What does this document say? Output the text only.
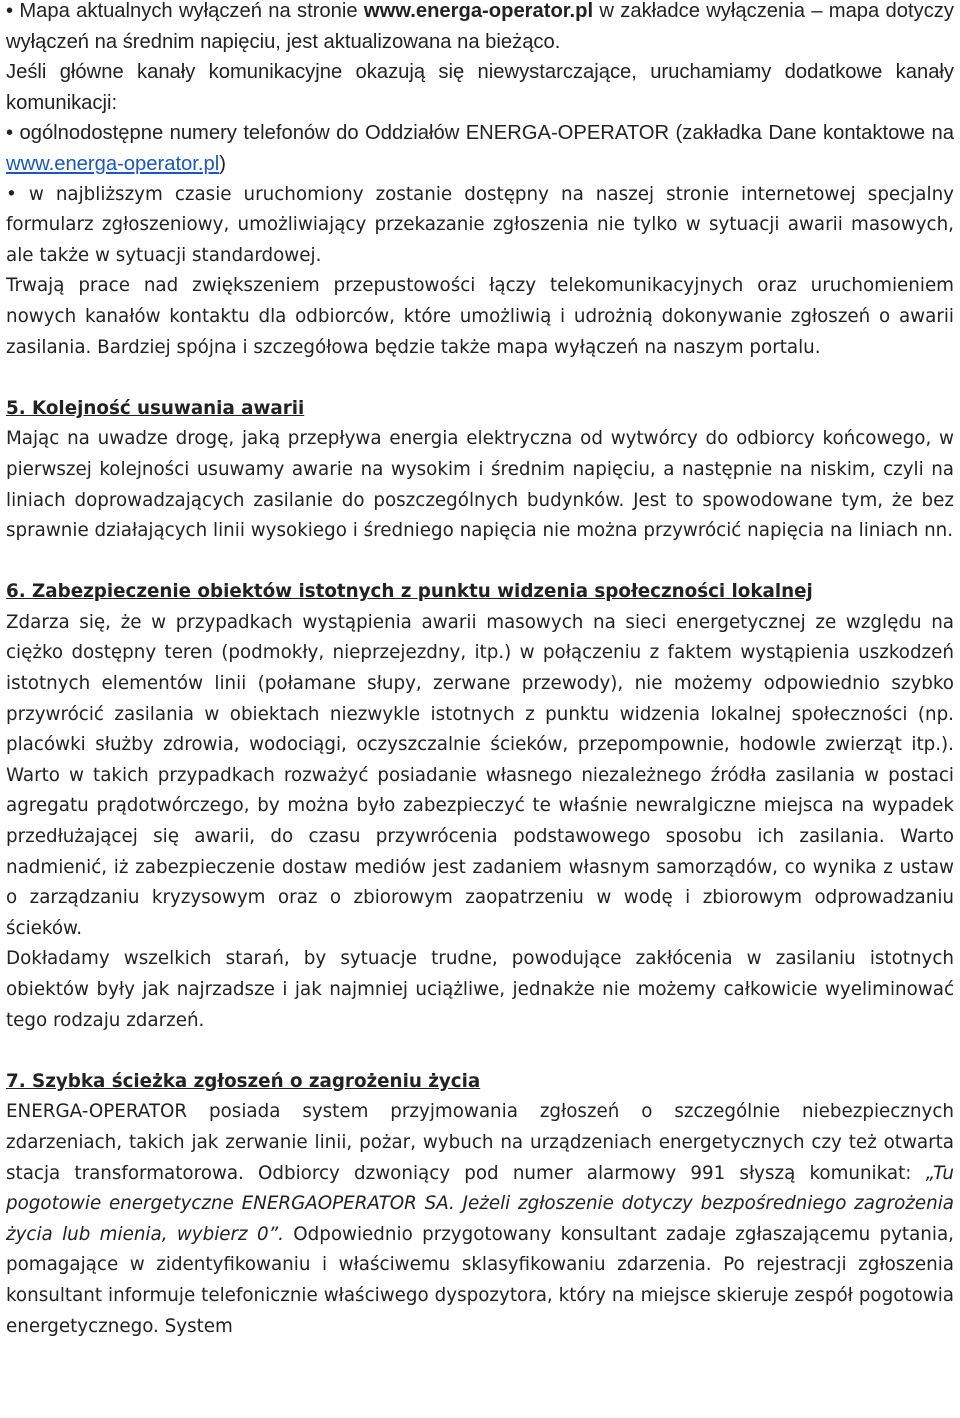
• Mapa aktualnych wyłączeń na stronie www.energa-operator.pl w zakładce wyłączenia – mapa dotyczy wyłączeń na średnim napięciu, jest aktualizowana na bieżąco.

Jeśli główne kanały komunikacyjne okazują się niewystarczające, uruchamiamy dodatkowe kanały komunikacji:

• ogólnodostępne numery telefonów do Oddziałów ENERGA-OPERATOR (zakładka Dane kontaktowe na www.energa-operator.pl)

• w najbliższym czasie uruchomiony zostanie dostępny na naszej stronie internetowej specjalny formularz zgłoszeniowy, umożliwiający przekazanie zgłoszenia nie tylko w sytuacji awarii masowych, ale także w sytuacji standardowej.

Trwają prace nad zwiększeniem przepustowości łączy telekomunikacyjnych oraz uruchomieniem nowych kanałów kontaktu dla odbiorców, które umożliwią i udrożnią dokonywanie zgłoszeń o awarii zasilania. Bardziej spójna i szczegółowa będzie także mapa wyłączeń na naszym portalu.

5. Kolejność usuwania awarii

Mając na uwadze drogę, jaką przepływa energia elektryczna od wytwórcy do odbiorcy końcowego, w pierwszej kolejności usuwamy awarie na wysokim i średnim napięciu, a następnie na niskim, czyli na liniach doprowadzających zasilanie do poszczególnych budynków. Jest to spowodowane tym, że bez sprawnie działających linii wysokiego i średniego napięcia nie można przywrócić napięcia na liniach nn.

6. Zabezpieczenie obiektów istotnych z punktu widzenia społeczności lokalnej

Zdarza się, że w przypadkach wystąpienia awarii masowych na sieci energetycznej ze względu na ciężko dostępny teren (podmokły, nieprzejezdny, itp.) w połączeniu z faktem wystąpienia uszkodzeń istotnych elementów linii (połamane słupy, zerwane przewody), nie możemy odpowiednio szybko przywrócić zasilania w obiektach niezwykle istotnych z punktu widzenia lokalnej społeczności (np. placówki służby zdrowia, wodociągi, oczyszczalnie ścieków, przepompownie, hodowle zwierząt itp.). Warto w takich przypadkach rozważyć posiadanie własnego niezależnego źródła zasilania w postaci agregatu prądotwórczego, by można było zabezpieczyć te właśnie newralgiczne miejsca na wypadek przedłużającej się awarii, do czasu przywrócenia podstawowego sposobu ich zasilania. Warto nadmienić, iż zabezpieczenie dostaw mediów jest zadaniem własnym samorządów, co wynika z ustaw o zarządzaniu kryzysowym oraz o zbiorowym zaopatrzeniu w wodę i zbiorowym odprowadzaniu ścieków.

Dokładamy wszelkich starań, by sytuacje trudne, powodujące zakłócenia w zasilaniu istotnych obiektów były jak najrzadsze i jak najmniej uciążliwe, jednakże nie możemy całkowicie wyeliminować tego rodzaju zdarzeń.

7. Szybka ścieżka zgłoszeń o zagrożeniu życia

ENERGA-OPERATOR posiada system przyjmowania zgłoszeń o szczególnie niebezpiecznych zdarzeniach, takich jak zerwanie linii, pożar, wybuch na urządzeniach energetycznych czy też otwarta stacja transformatorowa. Odbiorcy dzwoniący pod numer alarmowy 991 słyszą komunikat: „Tu pogotowie energetyczne ENERGAOPERATOR SA. Jeżeli zgłoszenie dotyczy bezpośredniego zagrożenia życia lub mienia, wybierz 0”. Odpowiednio przygotowany konsultant zadaje zgłaszającemu pytania, pomagające w zidentyfikowaniu i właściwemu sklasyfikowaniu zdarzenia. Po rejestracji zgłoszenia konsultant informuje telefonicznie właściwego dyspozytora, który na miejsce skieruje zespół pogotowia energetycznego. System
